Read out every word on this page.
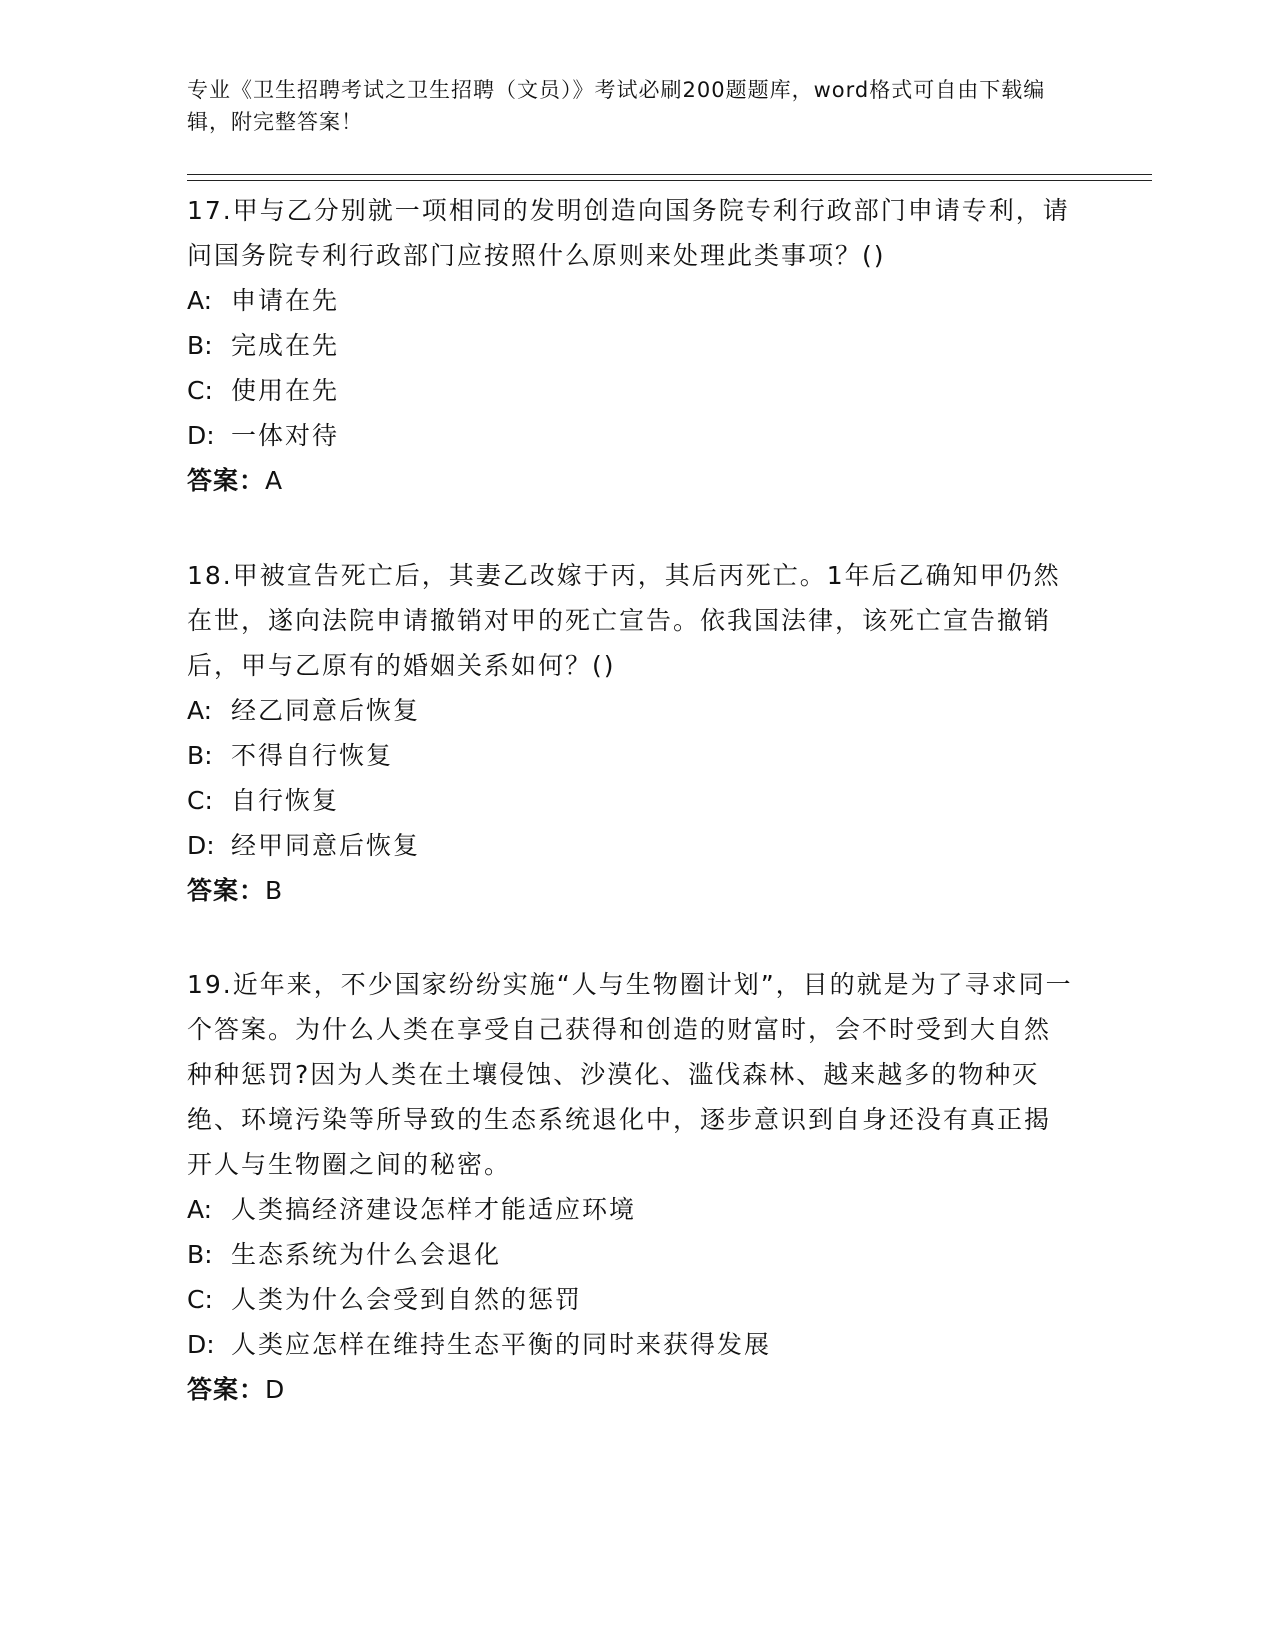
专业《卫生招聘考试之卫生招聘（文员）》考试必刷200题题库，word格式可自由下载编辑，附完整答案！
17.甲与乙分别就一项相同的发明创造向国务院专利行政部门申请专利，请问国务院专利行政部门应按照什么原则来处理此类事项？()
A: 申请在先
B: 完成在先
C: 使用在先
D: 一体对待
答案：A
18.甲被宣告死亡后，其妻乙改嫁于丙，其后丙死亡。1年后乙确知甲仍然在世，遂向法院申请撤销对甲的死亡宣告。依我国法律，该死亡宣告撤销后，甲与乙原有的婚姻关系如何？()
A: 经乙同意后恢复
B: 不得自行恢复
C: 自行恢复
D: 经甲同意后恢复
答案：B
19.近年来，不少国家纷纷实施“人与生物圈计划”，目的就是为了寻求同一个答案。为什么人类在享受自己获得和创造的财富时，会不时受到大自然种种惩罚?因为人类在土壤侵蚀、沙漠化、滥伐森林、越来越多的物种灭绝、环境污染等所导致的生态系统退化中，逐步意识到自身还没有真正揭开人与生物圈之间的秘密。
A: 人类搞经济建设怎样才能适应环境
B: 生态系统为什么会退化
C: 人类为什么会受到自然的惩罚
D: 人类应怎样在维持生态平衡的同时来获得发展
答案：D
